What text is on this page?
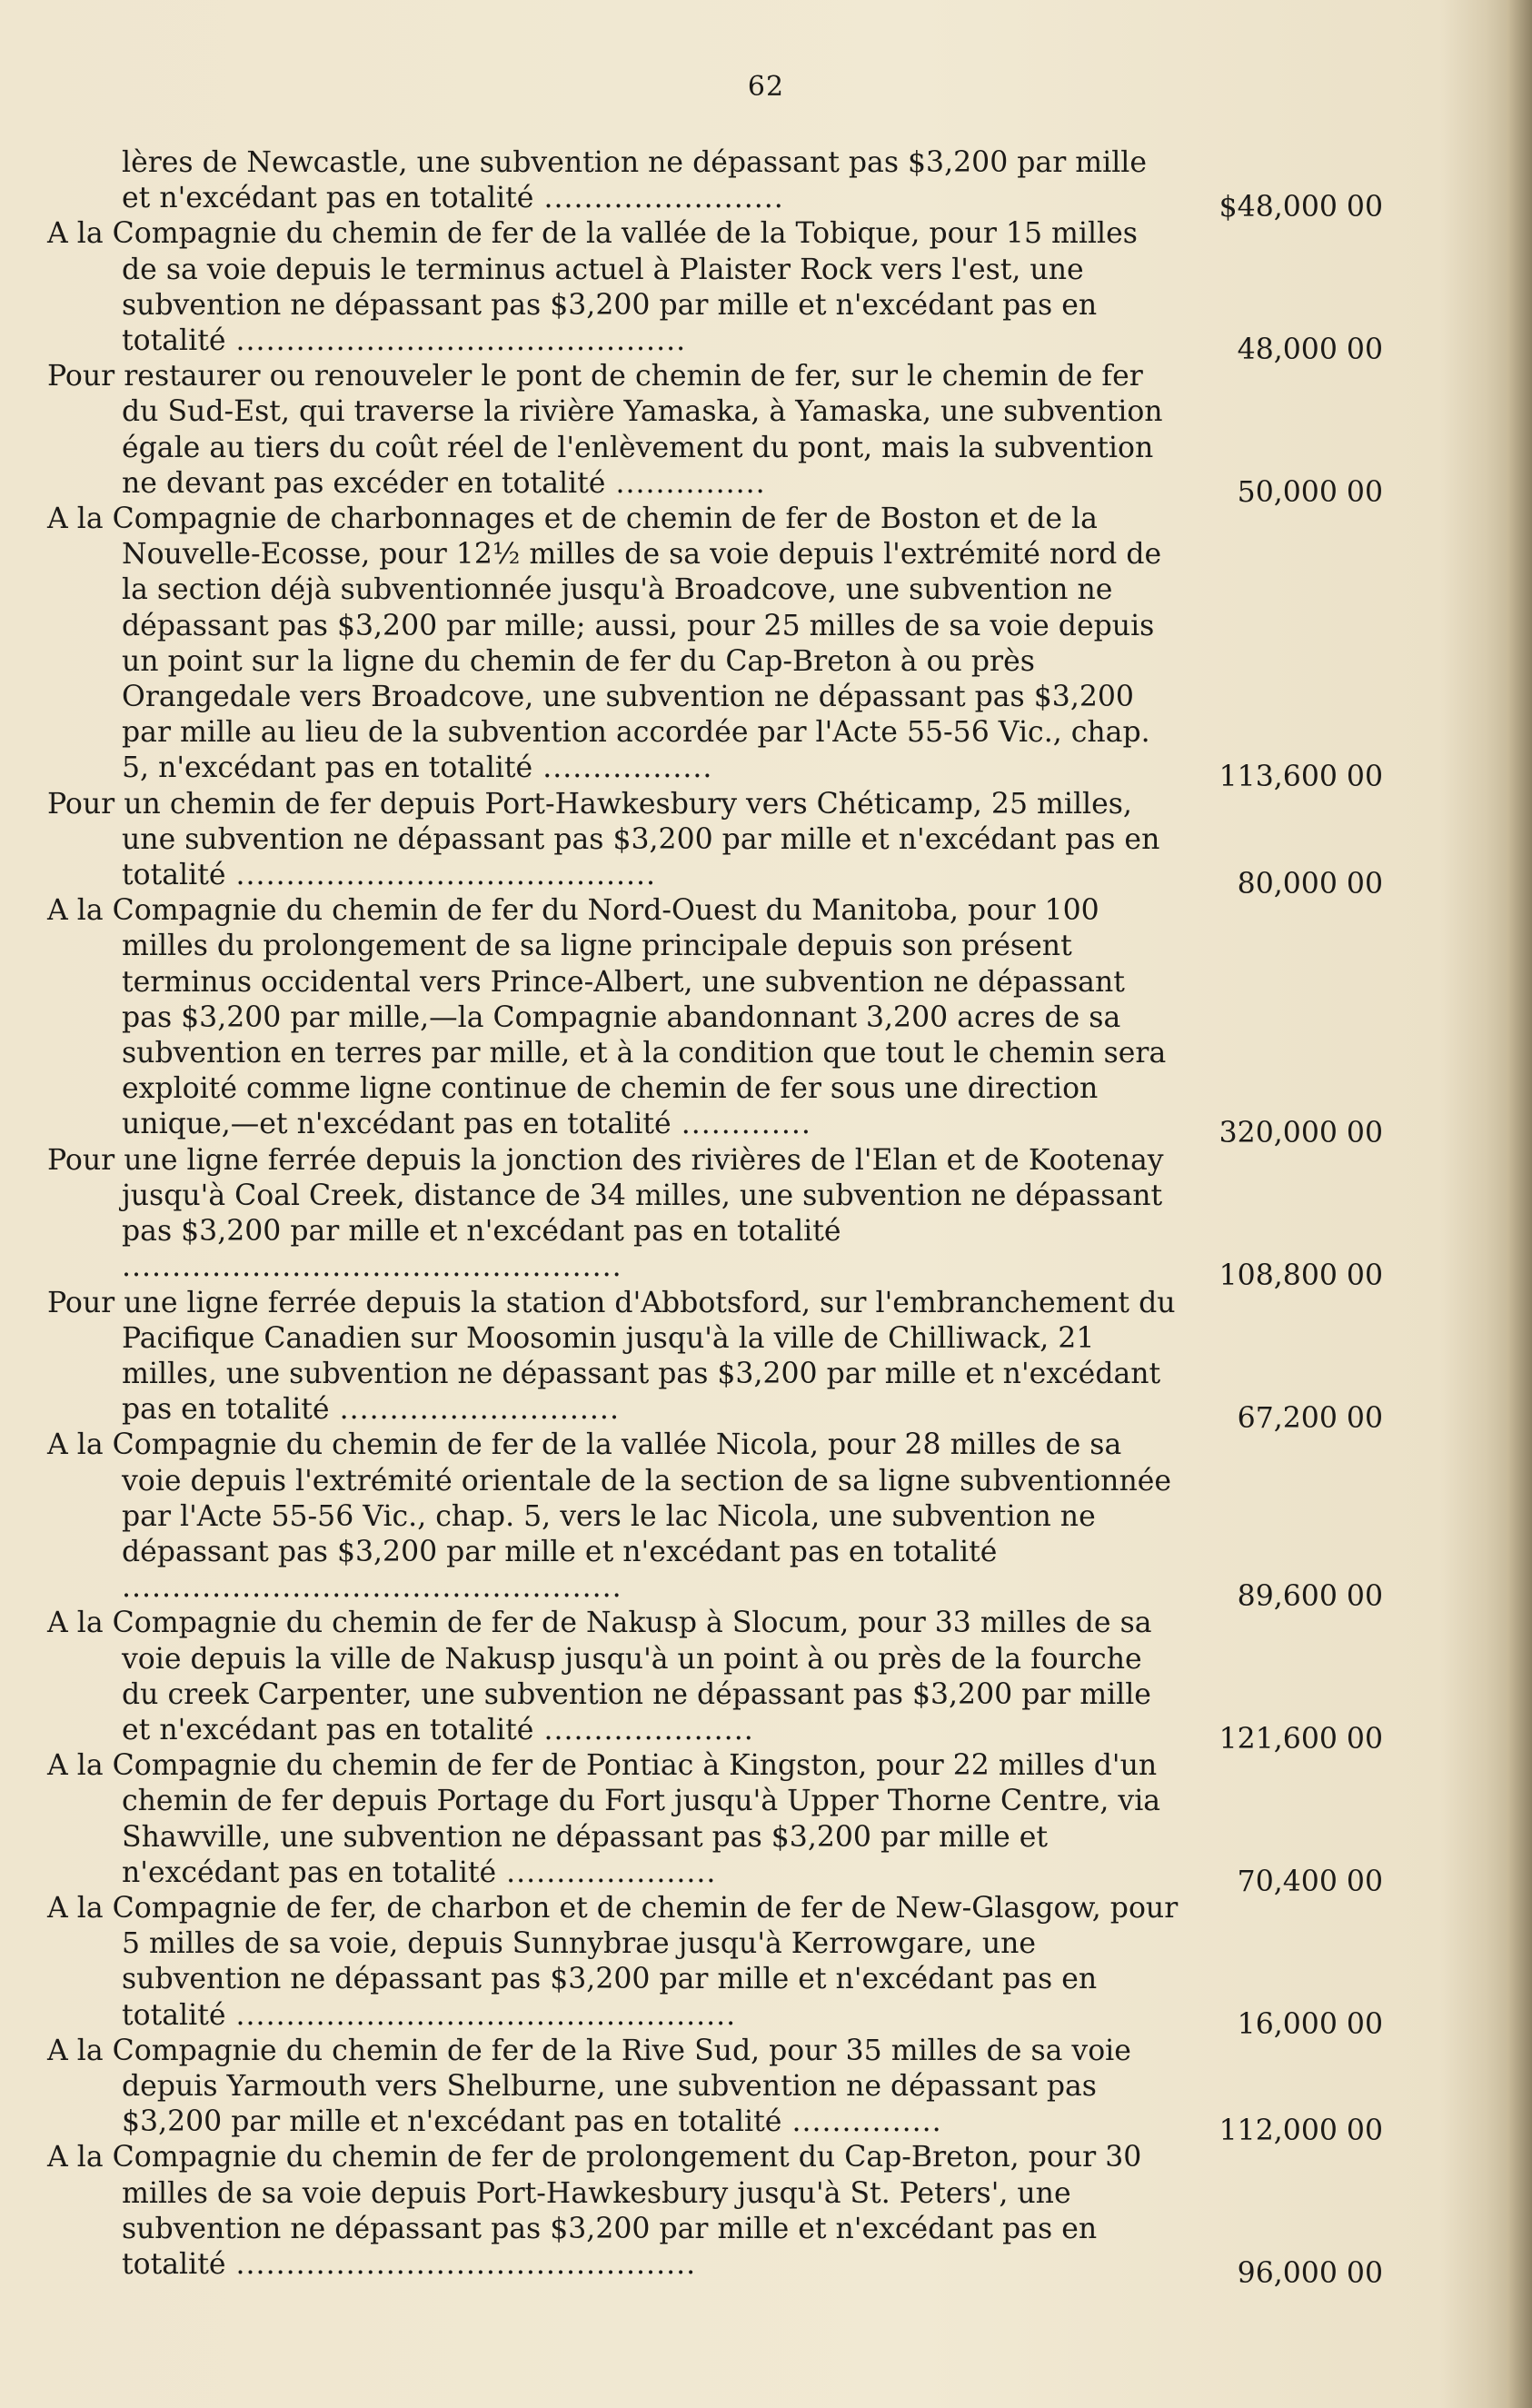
62

lères de Newcastle, une subvention ne dépassant pas $3,200 par mille et n'excédant pas en totalité ........................	$48,000 00

A la Compagnie du chemin de fer de la vallée de la Tobique, pour 15 milles de sa voie depuis le terminus actuel à Plaister Rock vers l'est, une subvention ne dépassant pas $3,200 par mille et n'excédant pas en totalité .............................................	48,000 00

Pour restaurer ou renouveler le pont de chemin de fer, sur le chemin de fer du Sud-Est, qui traverse la rivière Yamaska, à Yamaska, une subvention égale au tiers du coût réel de l'enlèvement du pont, mais la subvention ne devant pas excéder en totalité ...............	50,000 00

A la Compagnie de charbonnages et de chemin de fer de Boston et de la Nouvelle-Ecosse, pour 12½ milles de sa voie depuis l'extrémité nord de la section déjà subventionnée jusqu'à Broadcove, une subvention ne dépassant pas $3,200 par mille; aussi, pour 25 milles de sa voie depuis un point sur la ligne du chemin de fer du Cap-Breton à ou près Orangedale vers Broadcove, une subvention ne dépassant pas $3,200 par mille au lieu de la subvention accordée par l'Acte 55-56 Vic., chap. 5, n'excédant pas en totalité .................	113,600 00

Pour un chemin de fer depuis Port-Hawkesbury vers Chéticamp, 25 milles, une subvention ne dépassant pas $3,200 par mille et n'excédant pas en totalité ..........................................	80,000 00

A la Compagnie du chemin de fer du Nord-Ouest du Manitoba, pour 100 milles du prolongement de sa ligne principale depuis son présent terminus occidental vers Prince-Albert, une subvention ne dépassant pas $3,200 par mille,—la Compagnie abandonnant 3,200 acres de sa subvention en terres par mille, et à la condition que tout le chemin sera exploité comme ligne continue de chemin de fer sous une direction unique,—et n'excédant pas en totalité .............	320,000 00

Pour une ligne ferrée depuis la jonction des rivières de l'Elan et de Kootenay jusqu'à Coal Creek, distance de 34 milles, une subvention ne dépassant pas $3,200 par mille et n'excédant pas en totalité ..................................................	108,800 00

Pour une ligne ferrée depuis la station d'Abbotsford, sur l'embranchement du Pacifique Canadien sur Moosomin jusqu'à la ville de Chilliwack, 21 milles, une subvention ne dépassant pas $3,200 par mille et n'excédant pas en totalité ............................	67,200 00

A la Compagnie du chemin de fer de la vallée Nicola, pour 28 milles de sa voie depuis l'extrémité orientale de la section de sa ligne subventionnée par l'Acte 55-56 Vic., chap. 5, vers le lac Nicola, une subvention ne dépassant pas $3,200 par mille et n'excédant pas en totalité ..................................................	89,600 00

A la Compagnie du chemin de fer de Nakusp à Slocum, pour 33 milles de sa voie depuis la ville de Nakusp jusqu'à un point à ou près de la fourche du creek Carpenter, une subvention ne dépassant pas $3,200 par mille et n'excédant pas en totalité .....................	121,600 00

A la Compagnie du chemin de fer de Pontiac à Kingston, pour 22 milles d'un chemin de fer depuis Portage du Fort jusqu'à Upper Thorne Centre, via Shawville, une subvention ne dépassant pas $3,200 par mille et n'excédant pas en totalité .....................	70,400 00

A la Compagnie de fer, de charbon et de chemin de fer de New-Glasgow, pour 5 milles de sa voie, depuis Sunnybrae jusqu'à Kerrowgare, une subvention ne dépassant pas $3,200 par mille et n'excédant pas en totalité ..................................................	16,000 00

A la Compagnie du chemin de fer de la Rive Sud, pour 35 milles de sa voie depuis Yarmouth vers Shelburne, une subvention ne dépassant pas $3,200 par mille et n'excédant pas en totalité ...............	112,000 00

A la Compagnie du chemin de fer de prolongement du Cap-Breton, pour 30 milles de sa voie depuis Port-Hawkesbury jusqu'à St. Peters', une subvention ne dépassant pas $3,200 par mille et n'excédant pas en totalité ..............................................	96,000 00
